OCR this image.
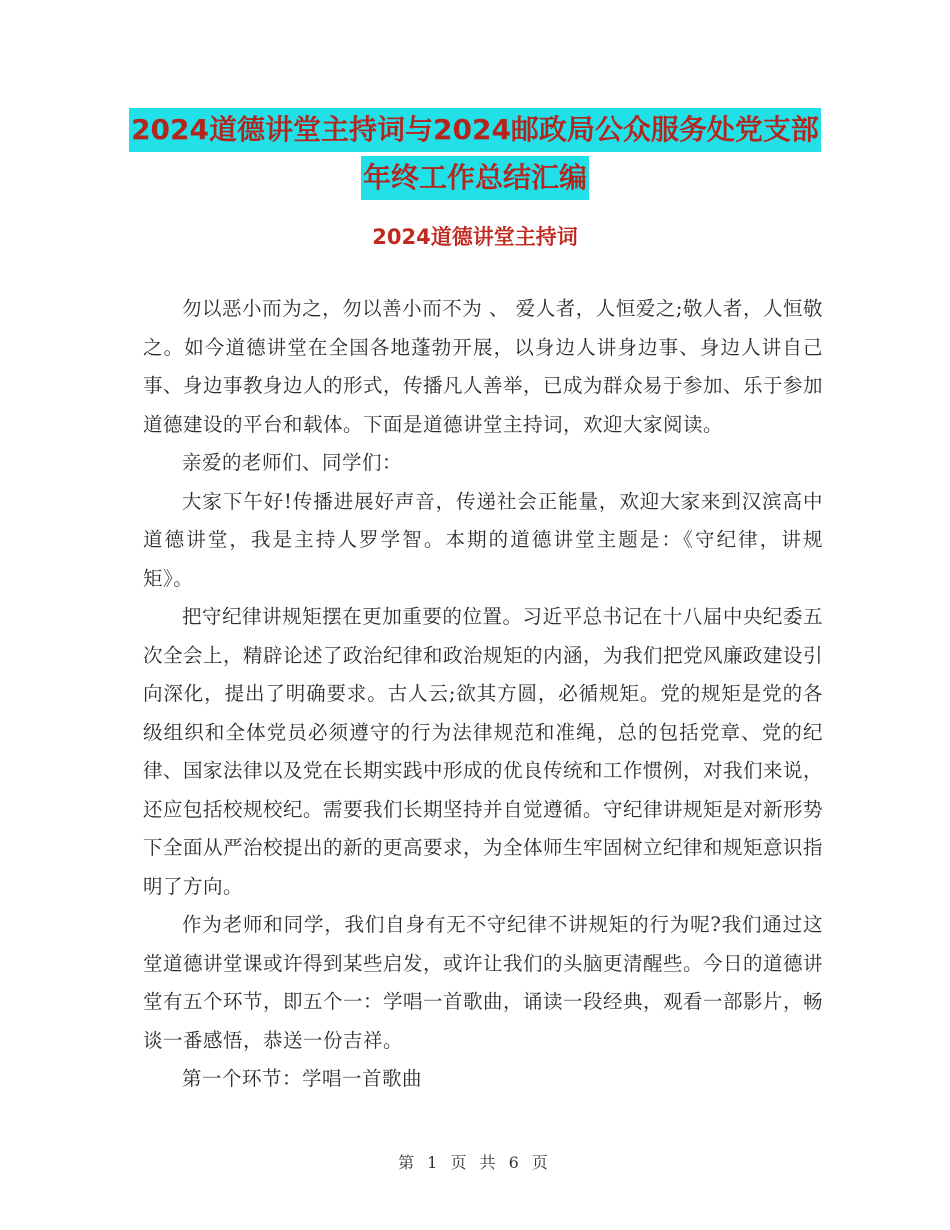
2024道德讲堂主持词与2024邮政局公众服务处党支部
年终工作总结汇编
2024道德讲堂主持词

勿以恶小而为之，勿以善小而不为 、 爱人者，人恒爱之;敬人者，人恒敬之。如今道德讲堂在全国各地蓬勃开展，以身边人讲身边事、身边人讲自己事、身边事教身边人的形式，传播凡人善举，已成为群众易于参加、乐于参加道德建设的平台和载体。下面是道德讲堂主持词，欢迎大家阅读。

亲爱的老师们、同学们：

大家下午好!传播进展好声音，传递社会正能量，欢迎大家来到汉滨高中道德讲堂，我是主持人罗学智。本期的道德讲堂主题是：《守纪律，讲规矩》。

把守纪律讲规矩摆在更加重要的位置。习近平总书记在十八届中央纪委五次全会上，精辟论述了政治纪律和政治规矩的内涵，为我们把党风廉政建设引向深化，提出了明确要求。古人云;欲其方圆，必循规矩。党的规矩是党的各级组织和全体党员必须遵守的行为法律规范和准绳，总的包括党章、党的纪律、国家法律以及党在长期实践中形成的优良传统和工作惯例，对我们来说，还应包括校规校纪。需要我们长期坚持并自觉遵循。守纪律讲规矩是对新形势下全面从严治校提出的新的更高要求，为全体师生牢固树立纪律和规矩意识指明了方向。

作为老师和同学，我们自身有无不守纪律不讲规矩的行为呢?我们通过这堂道德讲堂课或许得到某些启发，或许让我们的头脑更清醒些。今日的道德讲堂有五个环节，即五个一：学唱一首歌曲，诵读一段经典，观看一部影片，畅谈一番感悟，恭送一份吉祥。

第一个环节：学唱一首歌曲

第 1 页 共 6 页
